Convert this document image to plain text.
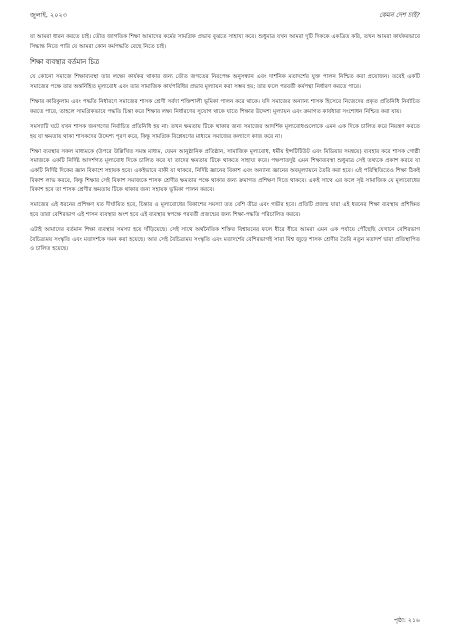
জুলাই, ২০২৩	কেমন দেশ চাই?

যা আমরা ধারন করতে চাই। তৌত জাগতিক শিক্ষা আমাদের কর্মের সামগ্রিক প্রভাব বুঝতে সাহায্য করে। শুধুমাত্র যখন আমরা দুটি দিককে একত্রিত করি, তখন আমরা কার্যকরভাবে সিদ্ধান্ত নিতে পারি যে আমরা কোন কর্মপদ্ধতি বেছে নিতে চাই।

শিক্ষা ব্যবস্থার বর্তমান চিত্র

যে কোনো সমাজে শিক্ষাব্যবস্থা তার লক্ষ্যে কার্যকর থাকার জন্য তৌত জগতের নিরপেক্ষ অনুসন্ধান এবং দার্শনিক মতাদর্শের যুক্ত পালন নিশ্চিত করা প্রয়োজন। তবেই একটি সমাজের পক্ষে তার অন্তর্নিহিত মূল্যবোধ এবং তার সামাজিক কার্যপরিধির প্রভাব মূল্যায়ন করা সম্ভব হয়; তার ফলে পরবর্তী কর্মপন্থা নির্ধারণ করতে পারে।

শিক্ষার কারিকুলাম এবং পদ্ধতি নির্ধারণে সমাজের শাসক শ্রেণী সর্বদা শক্তিশালী ভূমিকা পালন করে থাকে। যদি সমাজের অন্যান্য শাসক হিসেবে নিজেদের প্রকৃত প্রতিনিধি নির্বাচিত করতে পারে, তাহলে সামগ্রিকভাবে পদ্ধতি চিন্তা করে শিক্ষার লক্ষ্য নির্ধারণের সুযোগ থাকে যাতে শিক্ষার উদ্দেশ্য মূল্যায়ন এবং ক্রমাগত কার্যধারা সংশোধন নিশ্চিত করা যায়।

সমস্যাটি ঘটে যখন শাসক জনগণের নির্বাচিত প্রতিনিধি হয় না। তখন ক্ষমতায় টিকে থাকার জন্য সমাজের আদর্শিক মূল্যবোধগুলোকে এমন এক দিকে চালিত করে নিয়ন্ত্রণ করতে হয় যা ক্ষমতায় থাকা শাসকদের উদ্দেশ্য পূরণ করে, কিন্তু সামগ্রিক বিশ্লেষণের মাধ্যমে সমাজের কল্যাণে কাজ করে না।

শিক্ষা ব্যবস্থার সকল মাধ্যমকে (উপরে উল্লিখিত সমস্ত মাধ্যম, যেমন আনুষ্ঠানিক প্রতিষ্ঠান, সামাজিক মূল্যবোধ, ধর্মীয় ইন্সটিটিউট এবং মিডিয়ার সমন্বয়ে) ব্যবহার করে শাসক গোষ্ঠী সমাজকে একটি নির্দিষ্ট আদর্শগত মূল্যবোধ দিকে চালিত করে যা তাদের ক্ষমতায় টিকে থাকতে সাহায্য করে। পক্ষপাতদুষ্ট এমন শিক্ষাব্যবস্থা শুধুমাত্র সেই তথ্যকে প্রকাশ করবে যা একটি নির্দিষ্ট দিকের জ্ঞান বিকাশে সহায়ক হবে। একইভাবে বাকী যা থাকবে, নির্দিষ্ট জ্ঞানের বিকাশ এবং অন্যান্য জ্ঞানের অবমূল্যায়নে তৈরি করা হবে। এই পরিস্থিতিতেও শিক্ষা ঠিকই বিকাশ লাভ করবে, কিন্তু শিক্ষার সেই বিকাশ সমাজকে শাসক শ্রেণীর ক্ষমতার পক্ষে থাকার জন্য ক্রমাগত প্রশিক্ষণ দিতে থাকবে। একই সাথে এর ফলে সৃষ্ট সামাজিক যে মূল্যবোধের বিকাশ হবে তা শাসক শ্রেণীর ক্ষমতায় টিকে থাকার জন্য সহায়ক ভূমিকা পালন করবে।

সমাজের এই ধরনের প্রশিক্ষণ যত দীর্ঘায়িত হবে, চিন্তার ও মূল্যবোধের বিকাশের সমস্যা তত বেশি তীব্র এবং গভীর হবে। প্রতিটি প্রজন্ম যারা এই ধরনের শিক্ষা ব্যবস্থায় প্রশিক্ষিত হবে তারা বেশিরভাগ এই শাসন ব্যবস্থার অংশ হবে এই ব্যবস্থার স্বপক্ষে পরবর্তী প্রজন্মের জন্য শিক্ষা-পদ্ধতি পরিচালিত করবে।

এটাই আমাদের বর্তমান শিক্ষা ব্যবস্থার সমস্যা হয়ে দাঁড়িয়েছে। সেই সাথে অর্থনৈতিক শক্তির বিশ্বায়নের ফলে ধীরে ধীরে আমরা এমন এক পর্যায়ে পৌঁছেছি যেখানে বেশিরভাগ বৈচিত্র্যময় সংস্কৃতি এবং মতাদর্শকে দমন করা হয়েছে। আর সেই বৈচিত্র্যময় সংস্কৃতি এবং মতাদর্শের বেশিরভাগই সারা বিশ্ব জুড়ে শাসক শ্রেণীর তৈরি নতুন মতাদর্শ দ্বারা প্রতিস্থাপিত ও চালিত হয়েছে।

পৃষ্ঠা: ২১৬
